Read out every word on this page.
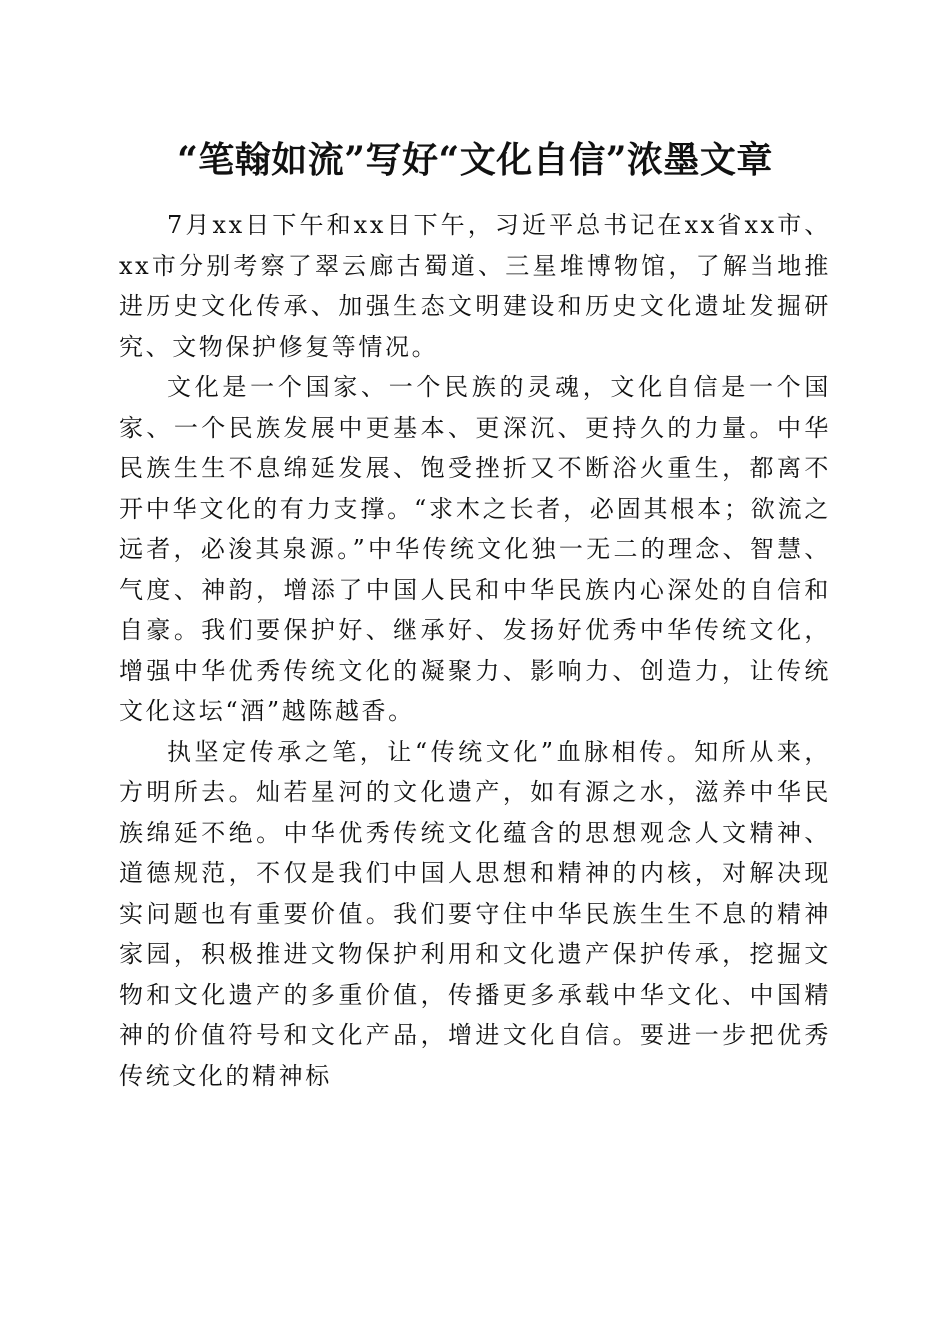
“笔翰如流”写好“文化自信”浓墨文章

7月xx日下午和xx日下午，习近平总书记在xx省xx市、xx市分别考察了翠云廊古蜀道、三星堆博物馆，了解当地推进历史文化传承、加强生态文明建设和历史文化遗址发掘研究、文物保护修复等情况。

文化是一个国家、一个民族的灵魂，文化自信是一个国家、一个民族发展中更基本、更深沉、更持久的力量。中华民族生生不息绵延发展、饱受挫折又不断浴火重生，都离不开中华文化的有力支撑。“求木之长者，必固其根本；欲流之远者，必浚其泉源。”中华传统文化独一无二的理念、智慧、气度、神韵，增添了中国人民和中华民族内心深处的自信和自豪。我们要保护好、继承好、发扬好优秀中华传统文化，增强中华优秀传统文化的凝聚力、影响力、创造力，让传统文化这坛“酒”越陈越香。

执坚定传承之笔，让“传统文化”血脉相传。知所从来，方明所去。灿若星河的文化遗产，如有源之水，滋养中华民族绵延不绝。中华优秀传统文化蕴含的思想观念人文精神、道德规范，不仅是我们中国人思想和精神的内核，对解决现实问题也有重要价值。我们要守住中华民族生生不息的精神家园，积极推进文物保护利用和文化遗产保护传承，挖掘文物和文化遗产的多重价值，传播更多承载中华文化、中国精神的价值符号和文化产品，增进文化自信。要进一步把优秀传统文化的精神标
